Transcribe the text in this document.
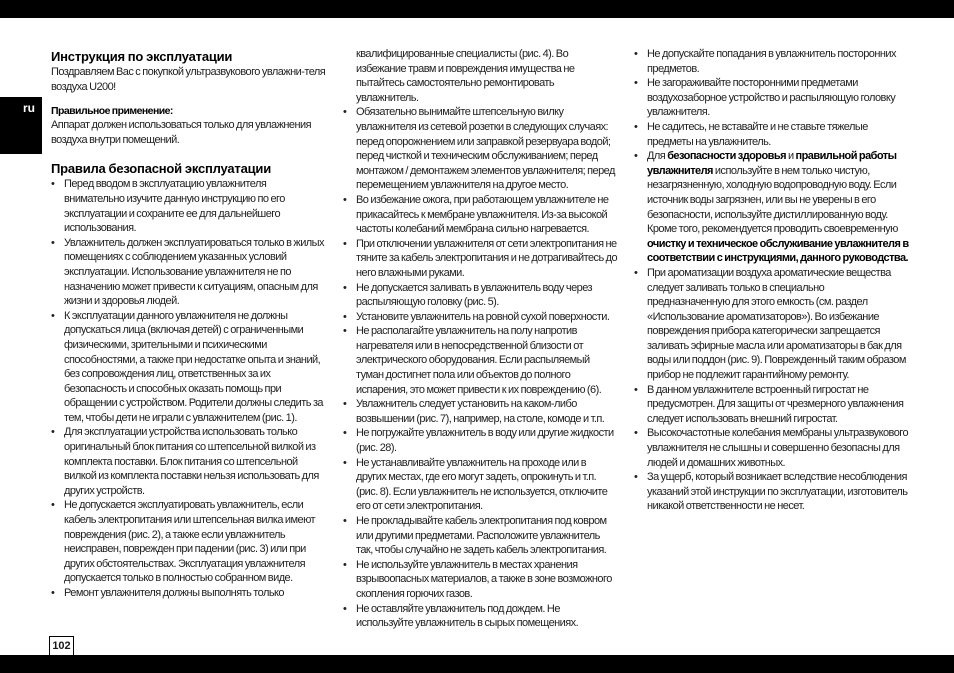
ru
102
Инструкция по эксплуатации

Поздравляем Вас с покупкой ультразвукового увлажни-теля воздуха U200!

Правильное применение:

Аппарат должен использоваться только для увлажнения воздуха внутри помещений.

Правила безопасной эксплуатации
• Перед вводом в эксплуатацию увлажнителя внимательно изучите данную инструкцию по его эксплуатации и сохраните ее для дальнейшего использования.
• Увлажнитель должен эксплуатироваться только в жилых помещениях с соблюдением указанных условий эксплуатации. Использование увлажнителя не по назначению может привести к ситуациям, опасным для жизни и здоровья людей.
• К эксплуатации данного увлажнителя не должны допускаться лица (включая детей) с ограниченными физическими, зрительными и психическими способностями, а также при недостатке опыта и знаний, без сопровождения лиц, ответственных за их безопасность и способных оказать помощь при обращении с устройством. Родители должны следить за тем, чтобы дети не играли с увлажнителем (рис. 1).
• Для эксплуатации устройства использовать только оригинальный блок питания со штепсельной вилкой из комплекта поставки. Блок питания со штепсельной вилкой из комплекта поставки нельзя использовать для других устройств.
• Не допускается эксплуатировать увлажнитель, если кабель электропитания или штепсельная вилка имеют повреждения (рис. 2), а также если увлажнитель неисправен, поврежден при падении (рис. 3) или при других обстоятельствах. Эксплуатация увлажнителя допускается только в полностью собранном виде.
• Ремонт увлажнителя должны выполнять только
квалифицированные специалисты (рис. 4). Во избежание травм и повреждения имущества не пытайтесь самостоятельно ремонтировать увлажнитель.
• Обязательно вынимайте штепсельную вилку увлажнителя из сетевой розетки в следующих случаях: перед опорожнением или заправкой резервуара водой; перед чисткой и техническим обслуживанием; перед монтажом / демонтажем элементов увлажнителя; перед перемещением увлажнителя на другое место.
• Во избежание ожога, при работающем увлажнителе не прикасайтесь к мембране увлажнителя. Из-за высокой частоты колебаний мембрана сильно нагревается.
• При отключении увлажнителя от сети электропитания не тяните за кабель электропитания и не дотрагивайтесь до него влажными руками.
• Не допускается заливать в увлажнитель воду через распыляющую головку (рис. 5).
• Установите увлажнитель на ровной сухой поверхности.
• Не располагайте увлажнитель на полу напротив нагревателя или в непосредственной близости от электрического оборудования. Если распыляемый туман достигнет пола или объектов до полного испарения, это может привести к их повреждению (6).
• Увлажнитель следует установить на каком-либо возвышении (рис. 7), например, на столе, комоде и т.п.
• Не погружайте увлажнитель в воду или другие жидкости (рис. 28).
• Не устанавливайте увлажнитель на проходе или в других местах, где его могут задеть, опрокинуть и т.п. (рис. 8). Если увлажнитель не используется, отключите его от сети электропитания.
• Не прокладывайте кабель электропитания под ковром или другими предметами. Расположите увлажнитель так, чтобы случайно не задеть кабель электропитания.
• Не используйте увлажнитель в местах хранения взрывоопасных материалов, а также в зоне возможного скопления горючих газов.
• Не оставляйте увлажнитель под дождем. Не используйте увлажнитель в сырых помещениях.
• Не допускайте попадания в увлажнитель посторонних предметов.
• Не загораживайте посторонними предметами воздухозаборное устройство и распыляющую головку увлажнителя.
• Не садитесь, не вставайте и не ставьте тяжелые предметы на увлажнитель.
• Для безопасности здоровья и правильной работы увлажнителя используйте в нем только чистую, незагрязненную, холодную водопроводную воду. Если источник воды загрязнен, или вы не уверены в его безопасности, используйте дистиллированную воду. Кроме того, рекомендуется проводить своевременную очистку и техническое обслуживание увлажнителя в соответствии с инструкциями, данного руководства.
• При ароматизации воздуха ароматические вещества следует заливать только в специально предназначенную для этого емкость (см. раздел «Использование ароматизаторов»). Во избежание повреждения прибора категорически запрещается заливать эфирные масла или ароматизаторы в бак для воды или поддон (рис. 9). Поврежденный таким образом прибор не подлежит гарантийному ремонту.
• В данном увлажнителе встроенный гигростат не предусмотрен. Для защиты от чрезмерного увлажнения следует использовать внешний гигростат.
• Высокочастотные колебания мембраны ультразвукового увлажнителя не слышны и совершенно безопасны для людей и домашних животных.
• За ущерб, который возникает вследствие несоблюдения указаний этой инструкции по эксплуатации, изготовитель никакой ответственности не несет.
